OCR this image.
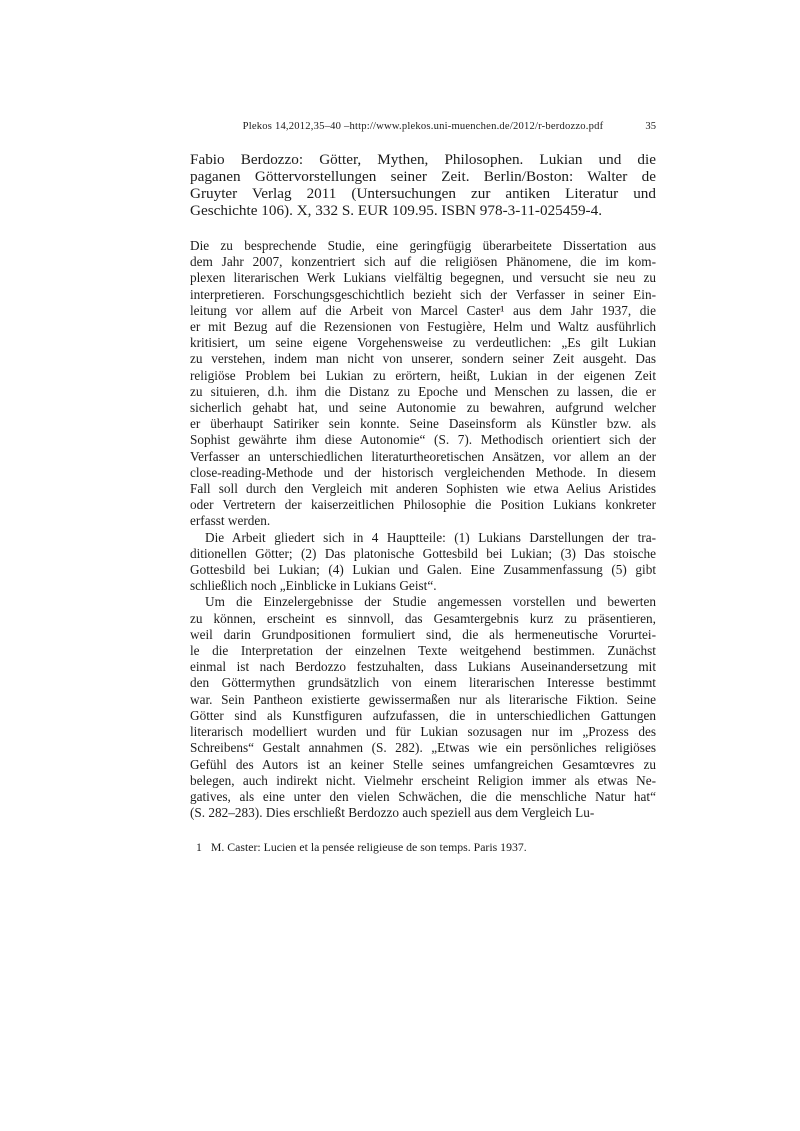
Plekos 14,2012,35–40 –http://www.plekos.uni-muenchen.de/2012/r-berdozzo.pdf	35
Fabio Berdozzo: Götter, Mythen, Philosophen. Lukian und die
paganen Göttervorstellungen seiner Zeit. Berlin/Boston: Walter de
Gruyter Verlag 2011 (Untersuchungen zur antiken Literatur und
Geschichte 106). X, 332 S. EUR 109.95. ISBN 978-3-11-025459-4.
Die zu besprechende Studie, eine geringfügig überarbeitete Dissertation aus
dem Jahr 2007, konzentriert sich auf die religiösen Phänomene, die im kom-
plexen literarischen Werk Lukians vielfältig begegnen, und versucht sie neu zu
interpretieren. Forschungsgeschichtlich bezieht sich der Verfasser in seiner Ein-
leitung vor allem auf die Arbeit von Marcel Caster¹ aus dem Jahr 1937, die
er mit Bezug auf die Rezensionen von Festugière, Helm und Waltz ausführlich
kritisiert, um seine eigene Vorgehensweise zu verdeutlichen: „Es gilt Lukian
zu verstehen, indem man nicht von unserer, sondern seiner Zeit ausgeht. Das
religiöse Problem bei Lukian zu erörtern, heißt, Lukian in der eigenen Zeit
zu situieren, d.h. ihm die Distanz zu Epoche und Menschen zu lassen, die er
sicherlich gehabt hat, und seine Autonomie zu bewahren, aufgrund welcher
er überhaupt Satiriker sein konnte. Seine Daseinsform als Künstler bzw. als
Sophist gewährte ihm diese Autonomie“ (S. 7). Methodisch orientiert sich der
Verfasser an unterschiedlichen literaturtheoretischen Ansätzen, vor allem an der
close-reading-Methode und der historisch vergleichenden Methode. In diesem
Fall soll durch den Vergleich mit anderen Sophisten wie etwa Aelius Aristides
oder Vertretern der kaiserzeitlichen Philosophie die Position Lukians konkreter
erfasst werden.
Die Arbeit gliedert sich in 4 Hauptteile: (1) Lukians Darstellungen der tra-
ditionellen Götter; (2) Das platonische Gottesbild bei Lukian; (3) Das stoische
Gottesbild bei Lukian; (4) Lukian und Galen. Eine Zusammenfassung (5) gibt
schließlich noch „Einblicke in Lukians Geist“.
Um die Einzelergebnisse der Studie angemessen vorstellen und bewerten
zu können, erscheint es sinnvoll, das Gesamtergebnis kurz zu präsentieren,
weil darin Grundpositionen formuliert sind, die als hermeneutische Vorurtei-
le die Interpretation der einzelnen Texte weitgehend bestimmen. Zunächst
einmal ist nach Berdozzo festzuhalten, dass Lukians Auseinandersetzung mit
den Göttermythen grundsätzlich von einem literarischen Interesse bestimmt
war. Sein Pantheon existierte gewissermaßen nur als literarische Fiktion. Seine
Götter sind als Kunstfiguren aufzufassen, die in unterschiedlichen Gattungen
literarisch modelliert wurden und für Lukian sozusagen nur im „Prozess des
Schreibens“ Gestalt annahmen (S. 282). „Etwas wie ein persönliches religiöses
Gefühl des Autors ist an keiner Stelle seines umfangreichen Gesamtœvres zu
belegen, auch indirekt nicht. Vielmehr erscheint Religion immer als etwas Ne-
gatives, als eine unter den vielen Schwächen, die die menschliche Natur hat“
(S. 282–283). Dies erschließt Berdozzo auch speziell aus dem Vergleich Lu-
1 M. Caster: Lucien et la pensée religieuse de son temps. Paris 1937.
